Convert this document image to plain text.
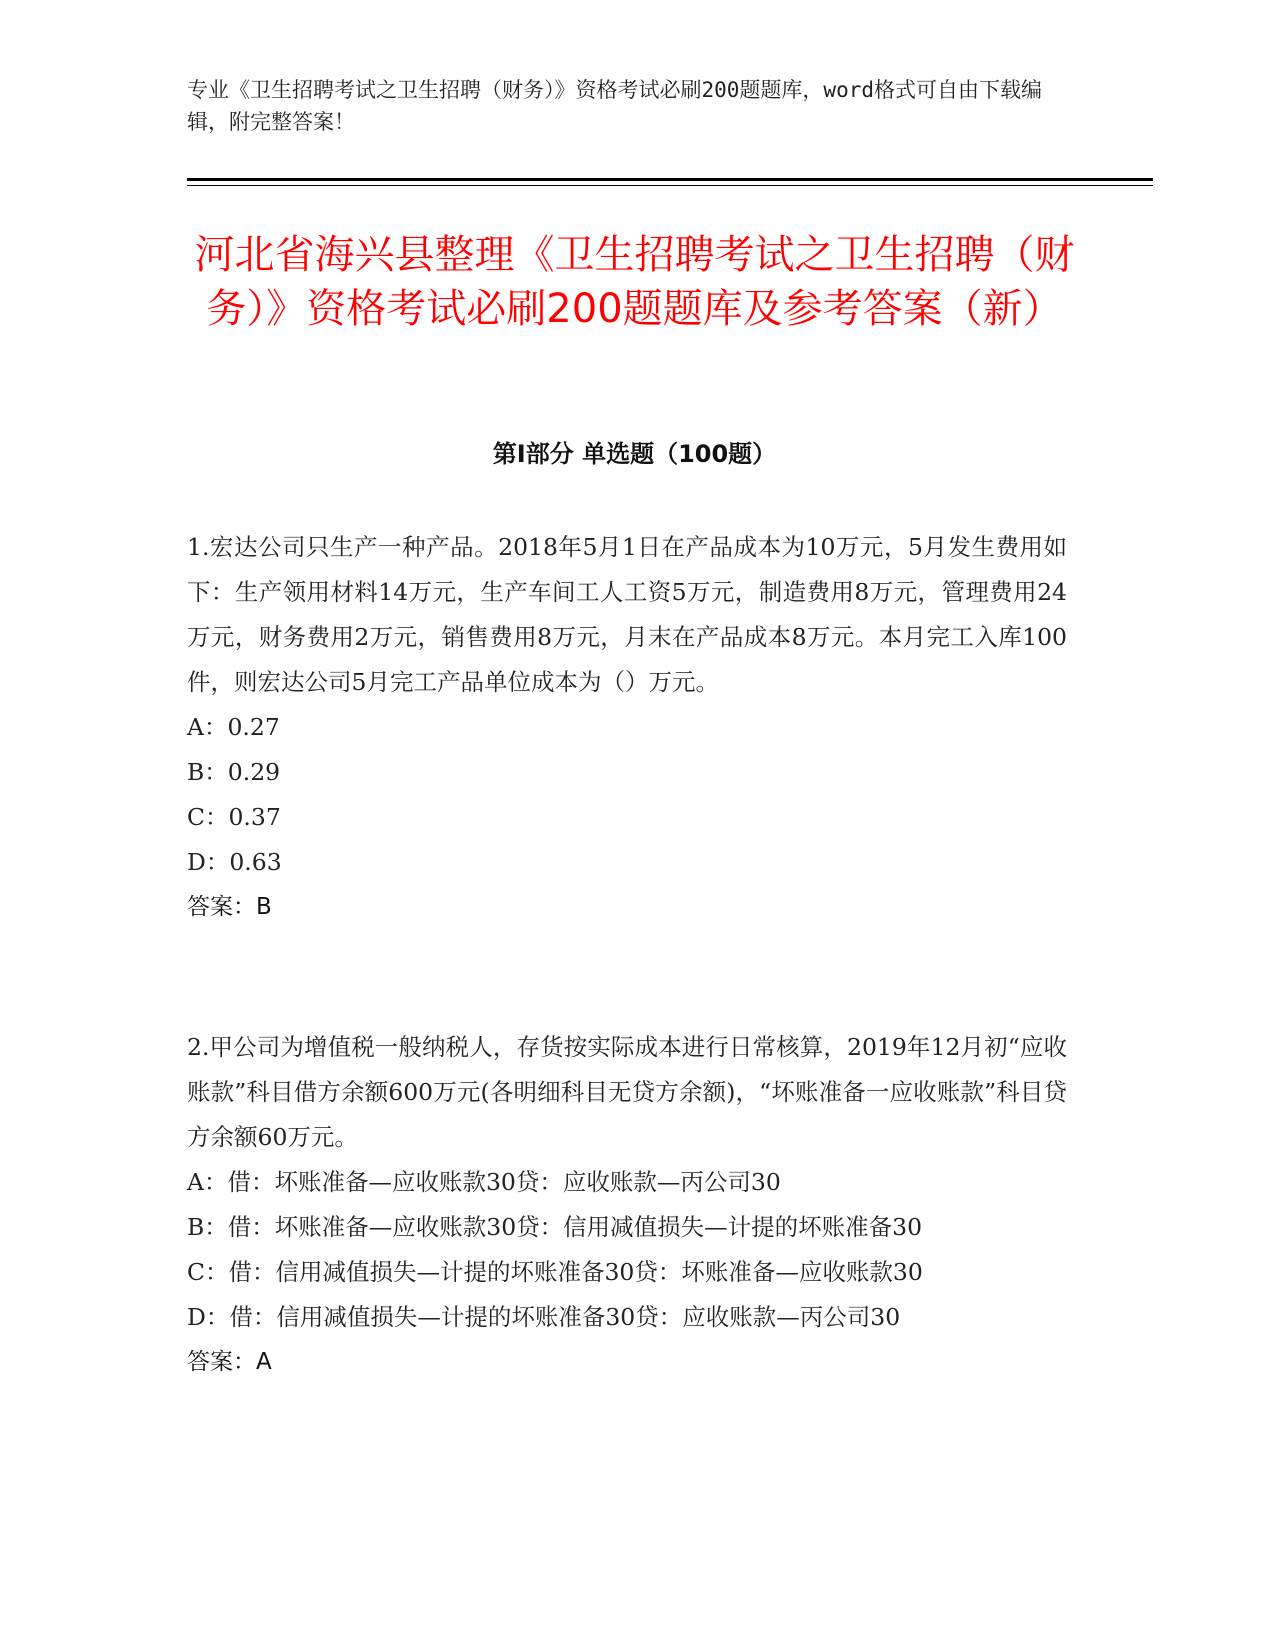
专业《卫生招聘考试之卫生招聘（财务）》资格考试必刷200题题库，word格式可自由下载编辑，附完整答案！
河北省海兴县整理《卫生招聘考试之卫生招聘（财务）》资格考试必刷200题题库及参考答案（新）
第Ⅰ部分 单选题（100题）

1.宏达公司只生产一种产品。2018年5月1日在产品成本为10万元，5月发生费用如下：生产领用材料14万元，生产车间工人工资5万元，制造费用8万元，管理费用24万元，财务费用2万元，销售费用8万元，月末在产品成本8万元。本月完工入库100件，则宏达公司5月完工产品单位成本为（）万元。

A：0.27

B：0.29

C：0.37

D：0.63

答案：B

2.甲公司为增值税一般纳税人，存货按实际成本进行日常核算，2019年12月初“应收账款”科目借方余额600万元(各明细科目无贷方余额)，“坏账准备一应收账款”科目贷方余额60万元。

A：借：坏账准备—应收账款30贷：应收账款—丙公司30

B：借：坏账准备—应收账款30贷：信用减值损失—计提的坏账准备30

C：借：信用减值损失—计提的坏账准备30贷：坏账准备—应收账款30

D：借：信用减值损失—计提的坏账准备30贷：应收账款—丙公司30

答案：A
